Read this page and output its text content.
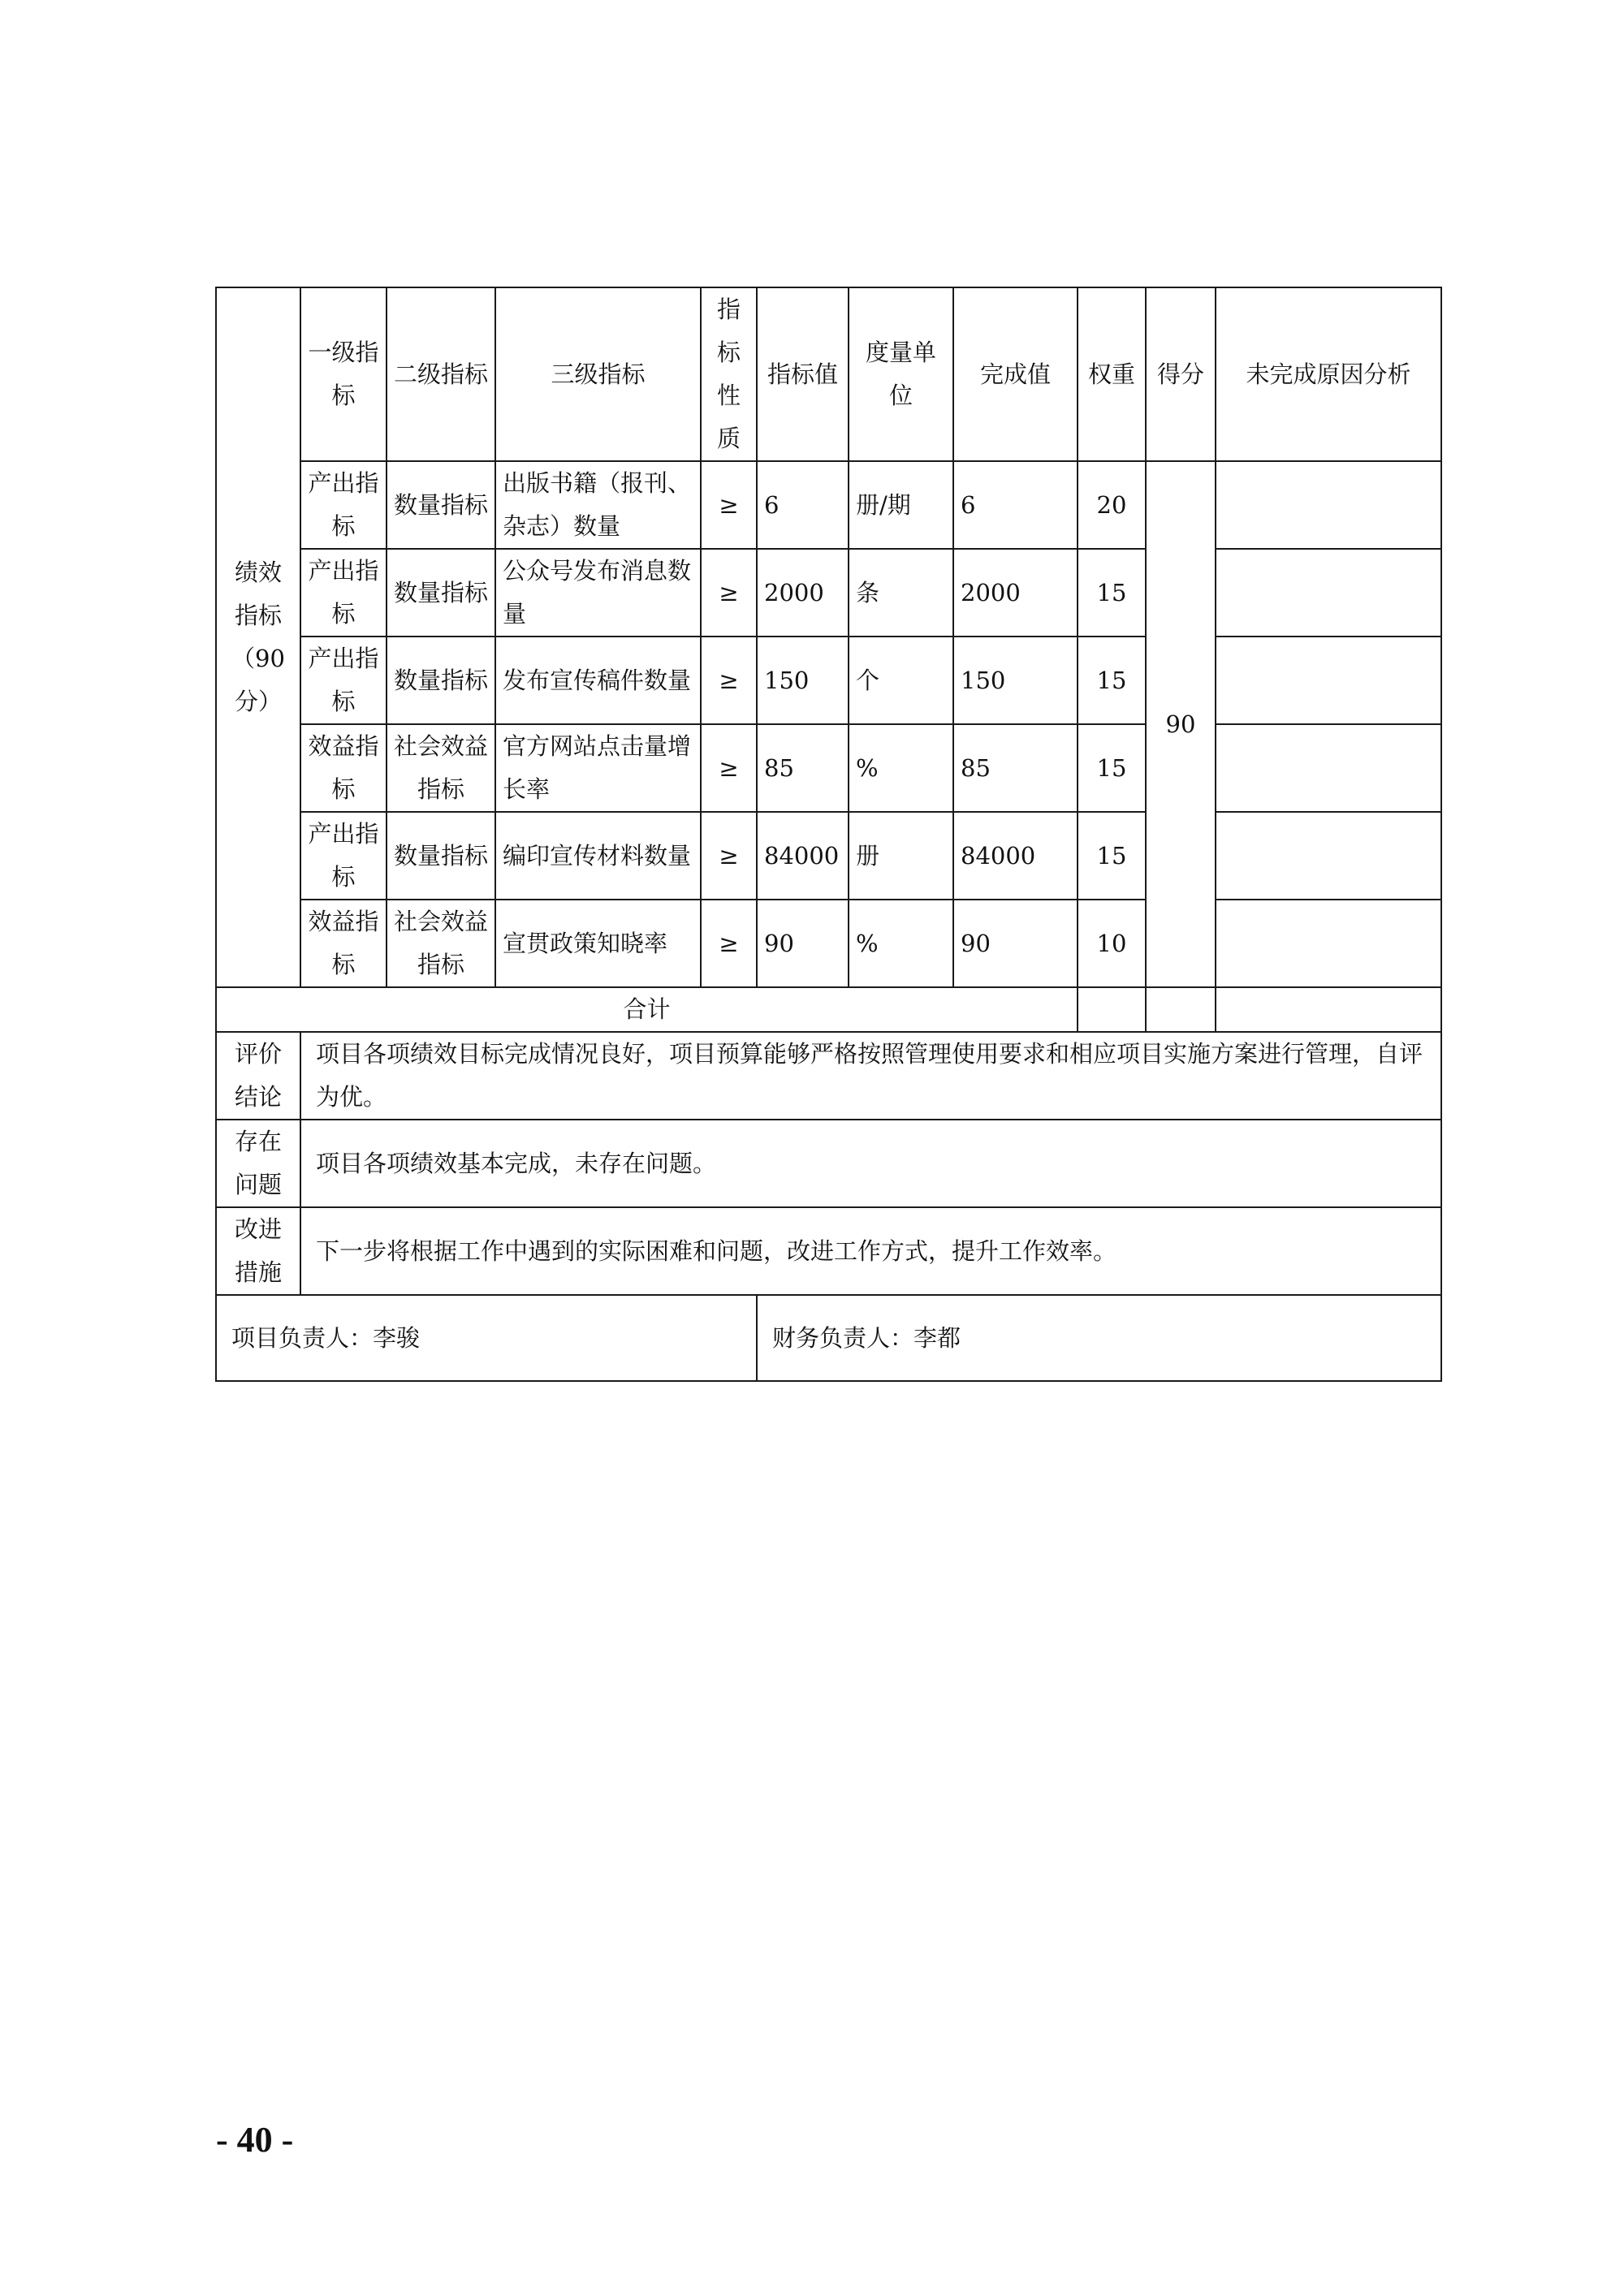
绩效指标（90分）	一级指标	二级指标	三级指标	指标性质	指标值	度量单位	完成值	权重	得分	未完成原因分析
	产出指标	数量指标	出版书籍（报刊、杂志）数量	≥	6	册/期	6	20	90	
	产出指标	数量指标	公众号发布消息数量	≥	2000	条	2000	15		
	产出指标	数量指标	发布宣传稿件数量	≥	150	个	150	15		
	效益指标	社会效益指标	官方网站点击量增长率	≥	85	%	85	15		
	产出指标	数量指标	编印宣传材料数量	≥	84000	册	84000	15		
	效益指标	社会效益指标	宣贯政策知晓率	≥	90	%	90	10		
合计										
评价结论	项目各项绩效目标完成情况良好，项目预算能够严格按照管理使用要求和相应项目实施方案进行管理，自评为优。									
存在问题	项目各项绩效基本完成，未存在问题。									
改进措施	下一步将根据工作中遇到的实际困难和问题，改进工作方式，提升工作效率。									
项目负责人：李骏					财务负责人：李都					
- 40 -
